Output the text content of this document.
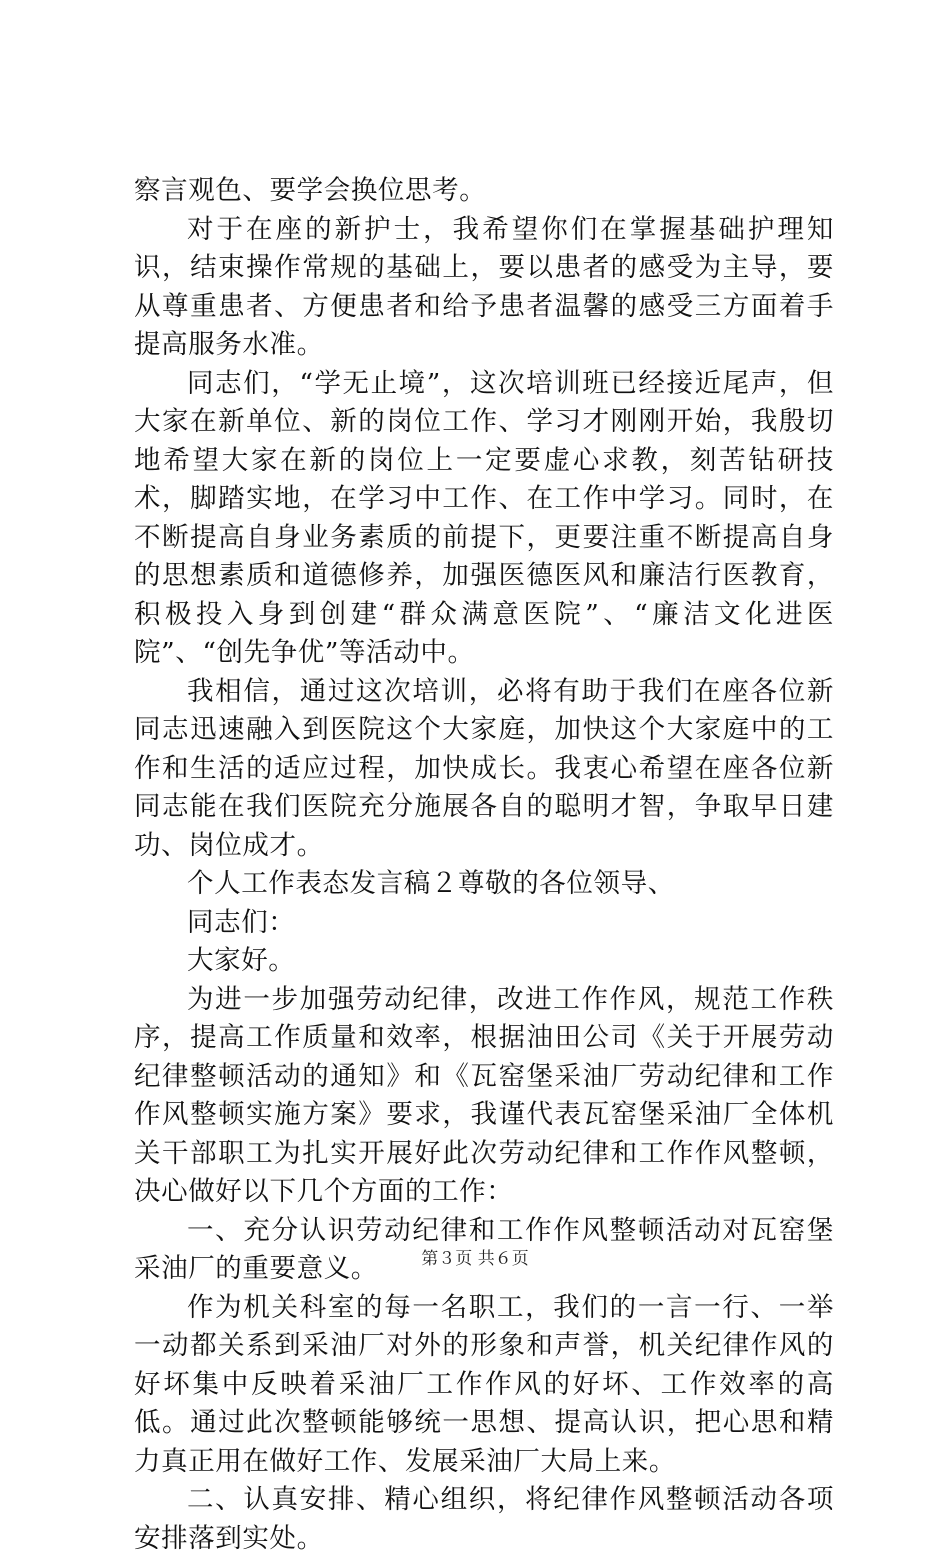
察言观色、要学会换位思考。

对于在座的新护士，我希望你们在掌握基础护理知识，结束操作常规的基础上，要以患者的感受为主导，要从尊重患者、方便患者和给予患者温馨的感受三方面着手提高服务水准。

同志们，“学无止境”，这次培训班已经接近尾声，但大家在新单位、新的岗位工作、学习才刚刚开始，我殷切地希望大家在新的岗位上一定要虚心求教，刻苦钻研技术，脚踏实地，在学习中工作、在工作中学习。同时，在不断提高自身业务素质的前提下，更要注重不断提高自身的思想素质和道德修养，加强医德医风和廉洁行医教育，积极投入身到创建“群众满意医院”、“廉洁文化进医院”、“创先争优”等活动中。

我相信，通过这次培训，必将有助于我们在座各位新同志迅速融入到医院这个大家庭，加快这个大家庭中的工作和生活的适应过程，加快成长。我衷心希望在座各位新同志能在我们医院充分施展各自的聪明才智，争取早日建功、岗位成才。

个人工作表态发言稿２尊敬的各位领导、

同志们：

大家好。

为进一步加强劳动纪律，改进工作作风，规范工作秩序，提高工作质量和效率，根据油田公司《关于开展劳动纪律整顿活动的通知》和《瓦窑堡采油厂劳动纪律和工作作风整顿实施方案》要求，我谨代表瓦窑堡采油厂全体机关干部职工为扎实开展好此次劳动纪律和工作作风整顿，决心做好以下几个方面的工作：

一、充分认识劳动纪律和工作作风整顿活动对瓦窑堡采油厂的重要意义。

作为机关科室的每一名职工，我们的一言一行、一举一动都关系到采油厂对外的形象和声誉，机关纪律作风的好坏集中反映着采油厂工作作风的好坏、工作效率的高低。通过此次整顿能够统一思想、提高认识，把心思和精力真正用在做好工作、发展采油厂大局上来。

二、认真安排、精心组织，将纪律作风整顿活动各项安排落到实处。

第３页 共６页
